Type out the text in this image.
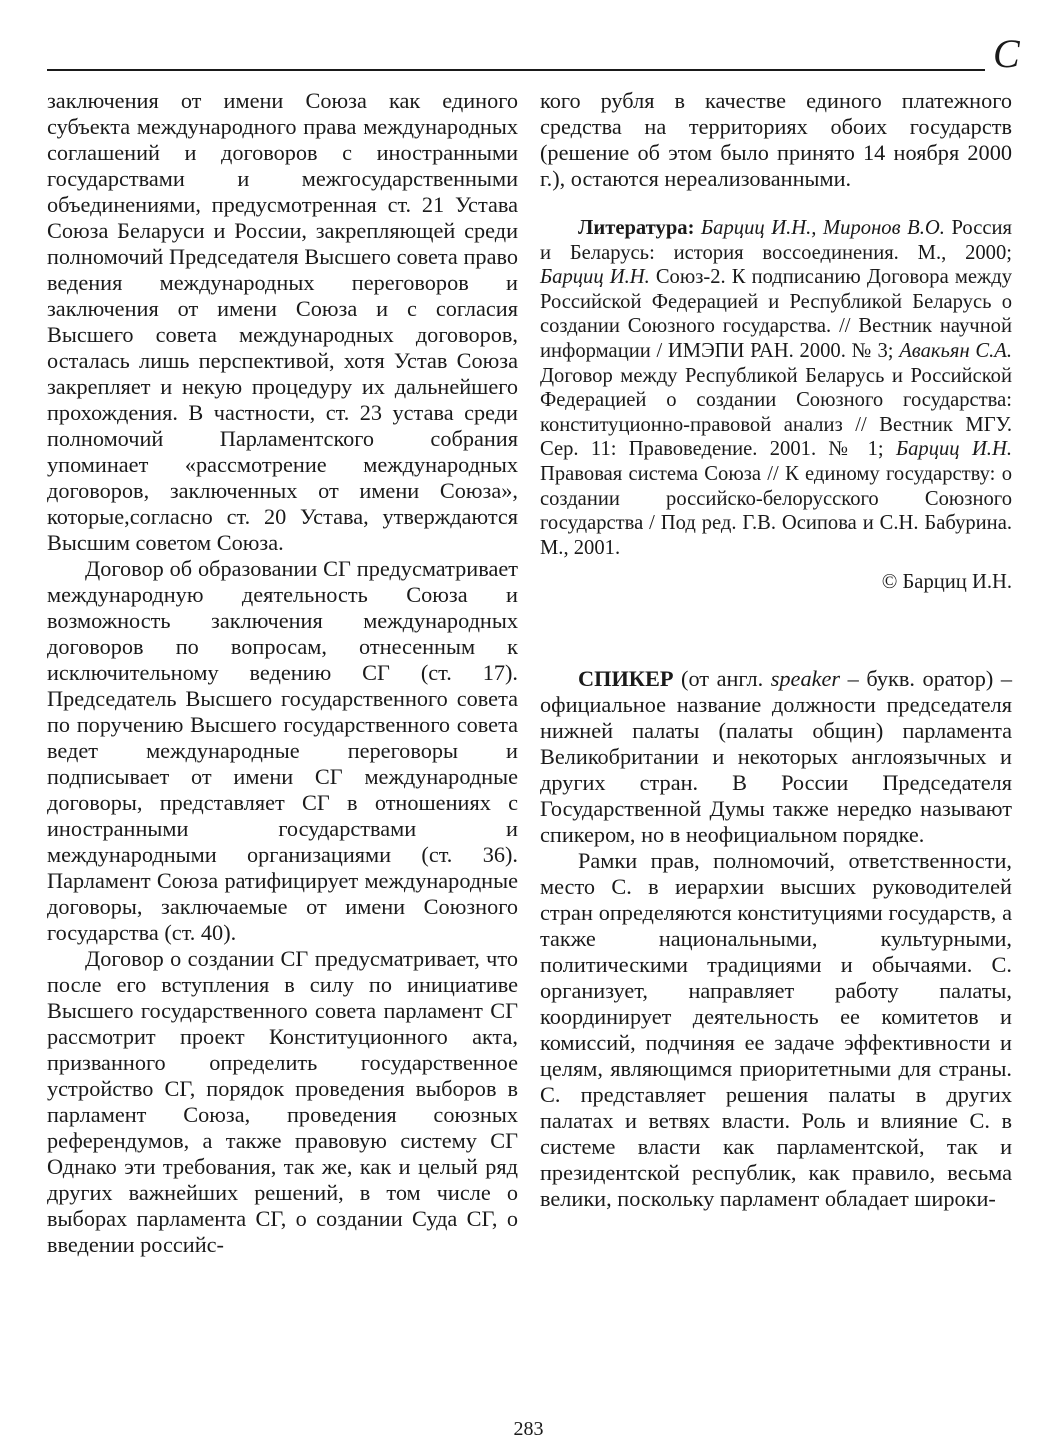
С

заключения от имени Союза как единого субъекта международного права международных соглашений и договоров с иностранными государствами и межгосударственными объединениями, предусмотренная ст. 21 Устава Союза Беларуси и России, закрепляющей среди полномочий Председателя Высшего совета право ведения международных переговоров и заключения от имени Союза и с согласия Высшего совета международных договоров, осталась лишь перспективой, хотя Устав Союза закрепляет и некую процедуру их дальнейшего прохождения. В частности, ст. 23 устава среди полномочий Парламентского собрания упоминает «рассмотрение международных договоров, заключенных от имени Союза», которые,согласно ст. 20 Устава, утверждаются Высшим советом Союза.

Договор об образовании СГ предусматривает международную деятельность Союза и возможность заключения международных договоров по вопросам, отнесенным к исключительному ведению СГ (ст. 17). Председатель Высшего государственного совета по поручению Высшего государственного совета ведет международные переговоры и подписывает от имени СГ международные договоры, представляет СГ в отношениях с иностранными государствами и международными организациями (ст. 36). Парламент Союза ратифицирует международные договоры, заключаемые от имени Союзного государства (ст. 40).

Договор о создании СГ предусматривает, что после его вступления в силу по инициативе Высшего государственного совета парламент СГ рассмотрит проект Конституционного акта, призванного определить государственное устройство СГ, порядок проведения выборов в парламент Союза, проведения союзных референдумов, а также правовую систему СГ Однако эти требования, так же, как и целый ряд других важнейших решений, в том числе о выборах парламента СГ, о создании Суда СГ, о введении российс-

кого рубля в качестве единого платежного средства на территориях обоих государств (решение об этом было принято 14 ноября 2000 г.), остаются нереализованными.

Литература: Барциц И.Н., Миронов В.О. Россия и Беларусь: история воссоединения. М., 2000; Барциц И.Н. Союз-2. К подписанию Договора между Российской Федерацией и Республикой Беларусь о создании Союзного государства. // Вестник научной информации / ИМЭПИ РАН. 2000. № 3; Авакьян С.А. Договор между Республикой Беларусь и Российской Федерацией о создании Союзного государства: конституционно-правовой анализ // Вестник МГУ. Сер. 11: Правоведение. 2001. № 1; Барциц И.Н. Правовая система Союза // К единому государству: о создании российско-белорусского Союзного государства / Под ред. Г.В. Осипова и С.Н. Бабурина. М., 2001.

© Барциц И.Н.

СПИКЕР (от англ. speaker – букв. оратор) – официальное название должности председателя нижней палаты (палаты общин) парламента Великобритании и некоторых англоязычных и других стран. В России Председателя Государственной Думы также нередко называют спикером, но в неофициальном порядке.

Рамки прав, полномочий, ответственности, место С. в иерархии высших руководителей стран определяются конституциями государств, а также национальными, культурными, политическими традициями и обычаями. С. организует, направляет работу палаты, координирует деятельность ее комитетов и комиссий, подчиняя ее задаче эффективности и целям, являющимся приоритетными для страны. С. представляет решения палаты в других палатах и ветвях власти. Роль и влияние С. в системе власти как парламентской, так и президентской республик, как правило, весьма велики, поскольку парламент обладает широки-

283
